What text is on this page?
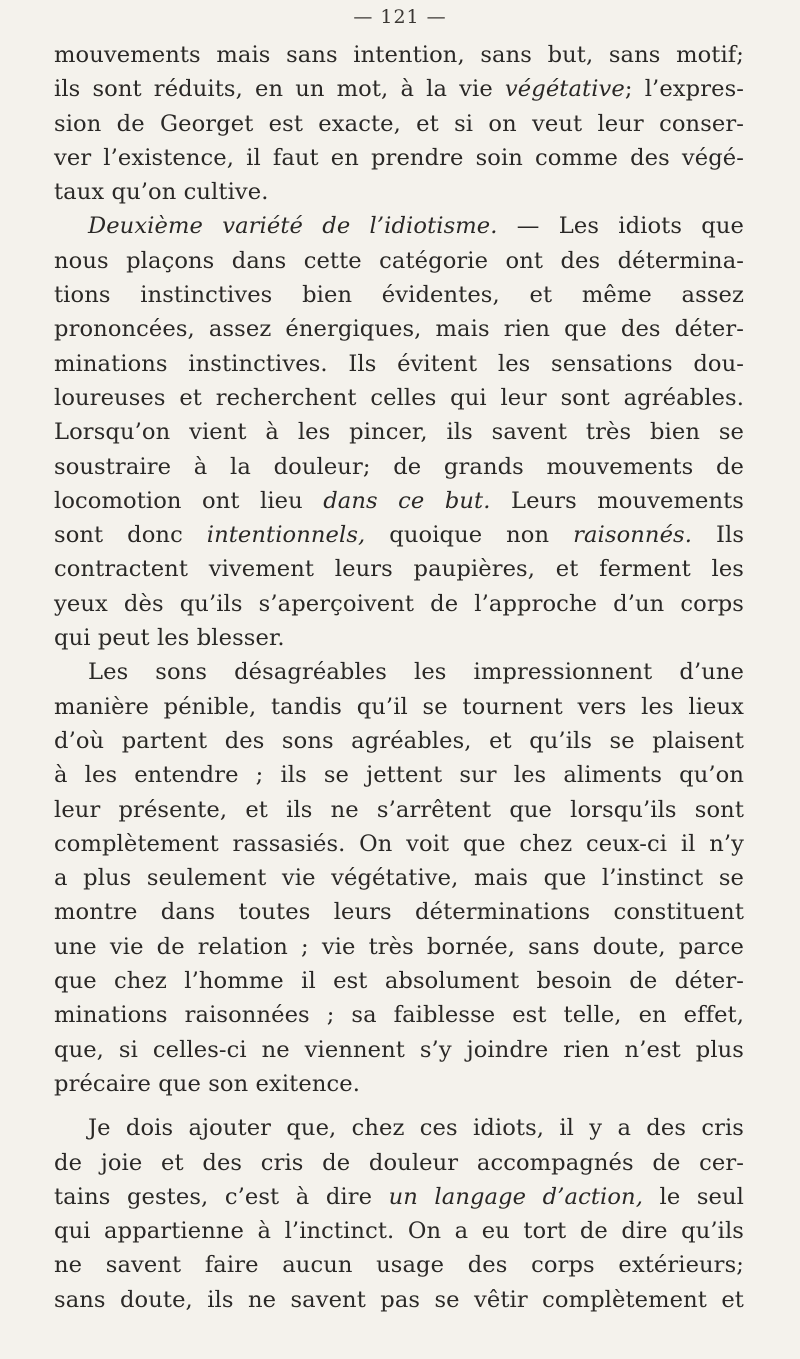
— 121 —
mouvements mais sans intention, sans but, sans motif;
ils sont réduits, en un mot, à la vie végétative; l’expres-
sion de Georget est exacte, et si on veut leur conser-
ver l’existence, il faut en prendre soin comme des végé-
taux qu’on cultive.
Deuxième variété de l’idiotisme. — Les idiots que
nous plaçons dans cette catégorie ont des détermina-
tions instinctives bien évidentes, et même assez
prononcées, assez énergiques, mais rien que des déter-
minations instinctives. Ils évitent les sensations dou-
loureuses et recherchent celles qui leur sont agréables.
Lorsqu’on vient à les pincer, ils savent très bien se
soustraire à la douleur; de grands mouvements de
locomotion ont lieu dans ce but. Leurs mouvements
sont donc intentionnels, quoique non raisonnés. Ils
contractent vivement leurs paupières, et ferment les
yeux dès qu’ils s’aperçoivent de l’approche d’un corps
qui peut les blesser.
Les sons désagréables les impressionnent d’une
manière pénible, tandis qu’il se tournent vers les lieux
d’où partent des sons agréables, et qu’ils se plaisent
à les entendre ; ils se jettent sur les aliments qu’on
leur présente, et ils ne s’arrêtent que lorsqu’ils sont
complètement rassasiés. On voit que chez ceux-ci il n’y
a plus seulement vie végétative, mais que l’instinct se
montre dans toutes leurs déterminations constituent
une vie de relation ; vie très bornée, sans doute, parce
que chez l’homme il est absolument besoin de déter-
minations raisonnées ; sa faiblesse est telle, en effet,
que, si celles-ci ne viennent s’y joindre rien n’est plus
précaire que son exitence.
Je dois ajouter que, chez ces idiots, il y a des cris
de joie et des cris de douleur accompagnés de cer-
tains gestes, c’est à dire un langage d’action, le seul
qui appartienne à l’inctinct. On a eu tort de dire qu’ils
ne savent faire aucun usage des corps extérieurs;
sans doute, ils ne savent pas se vêtir complètement et
